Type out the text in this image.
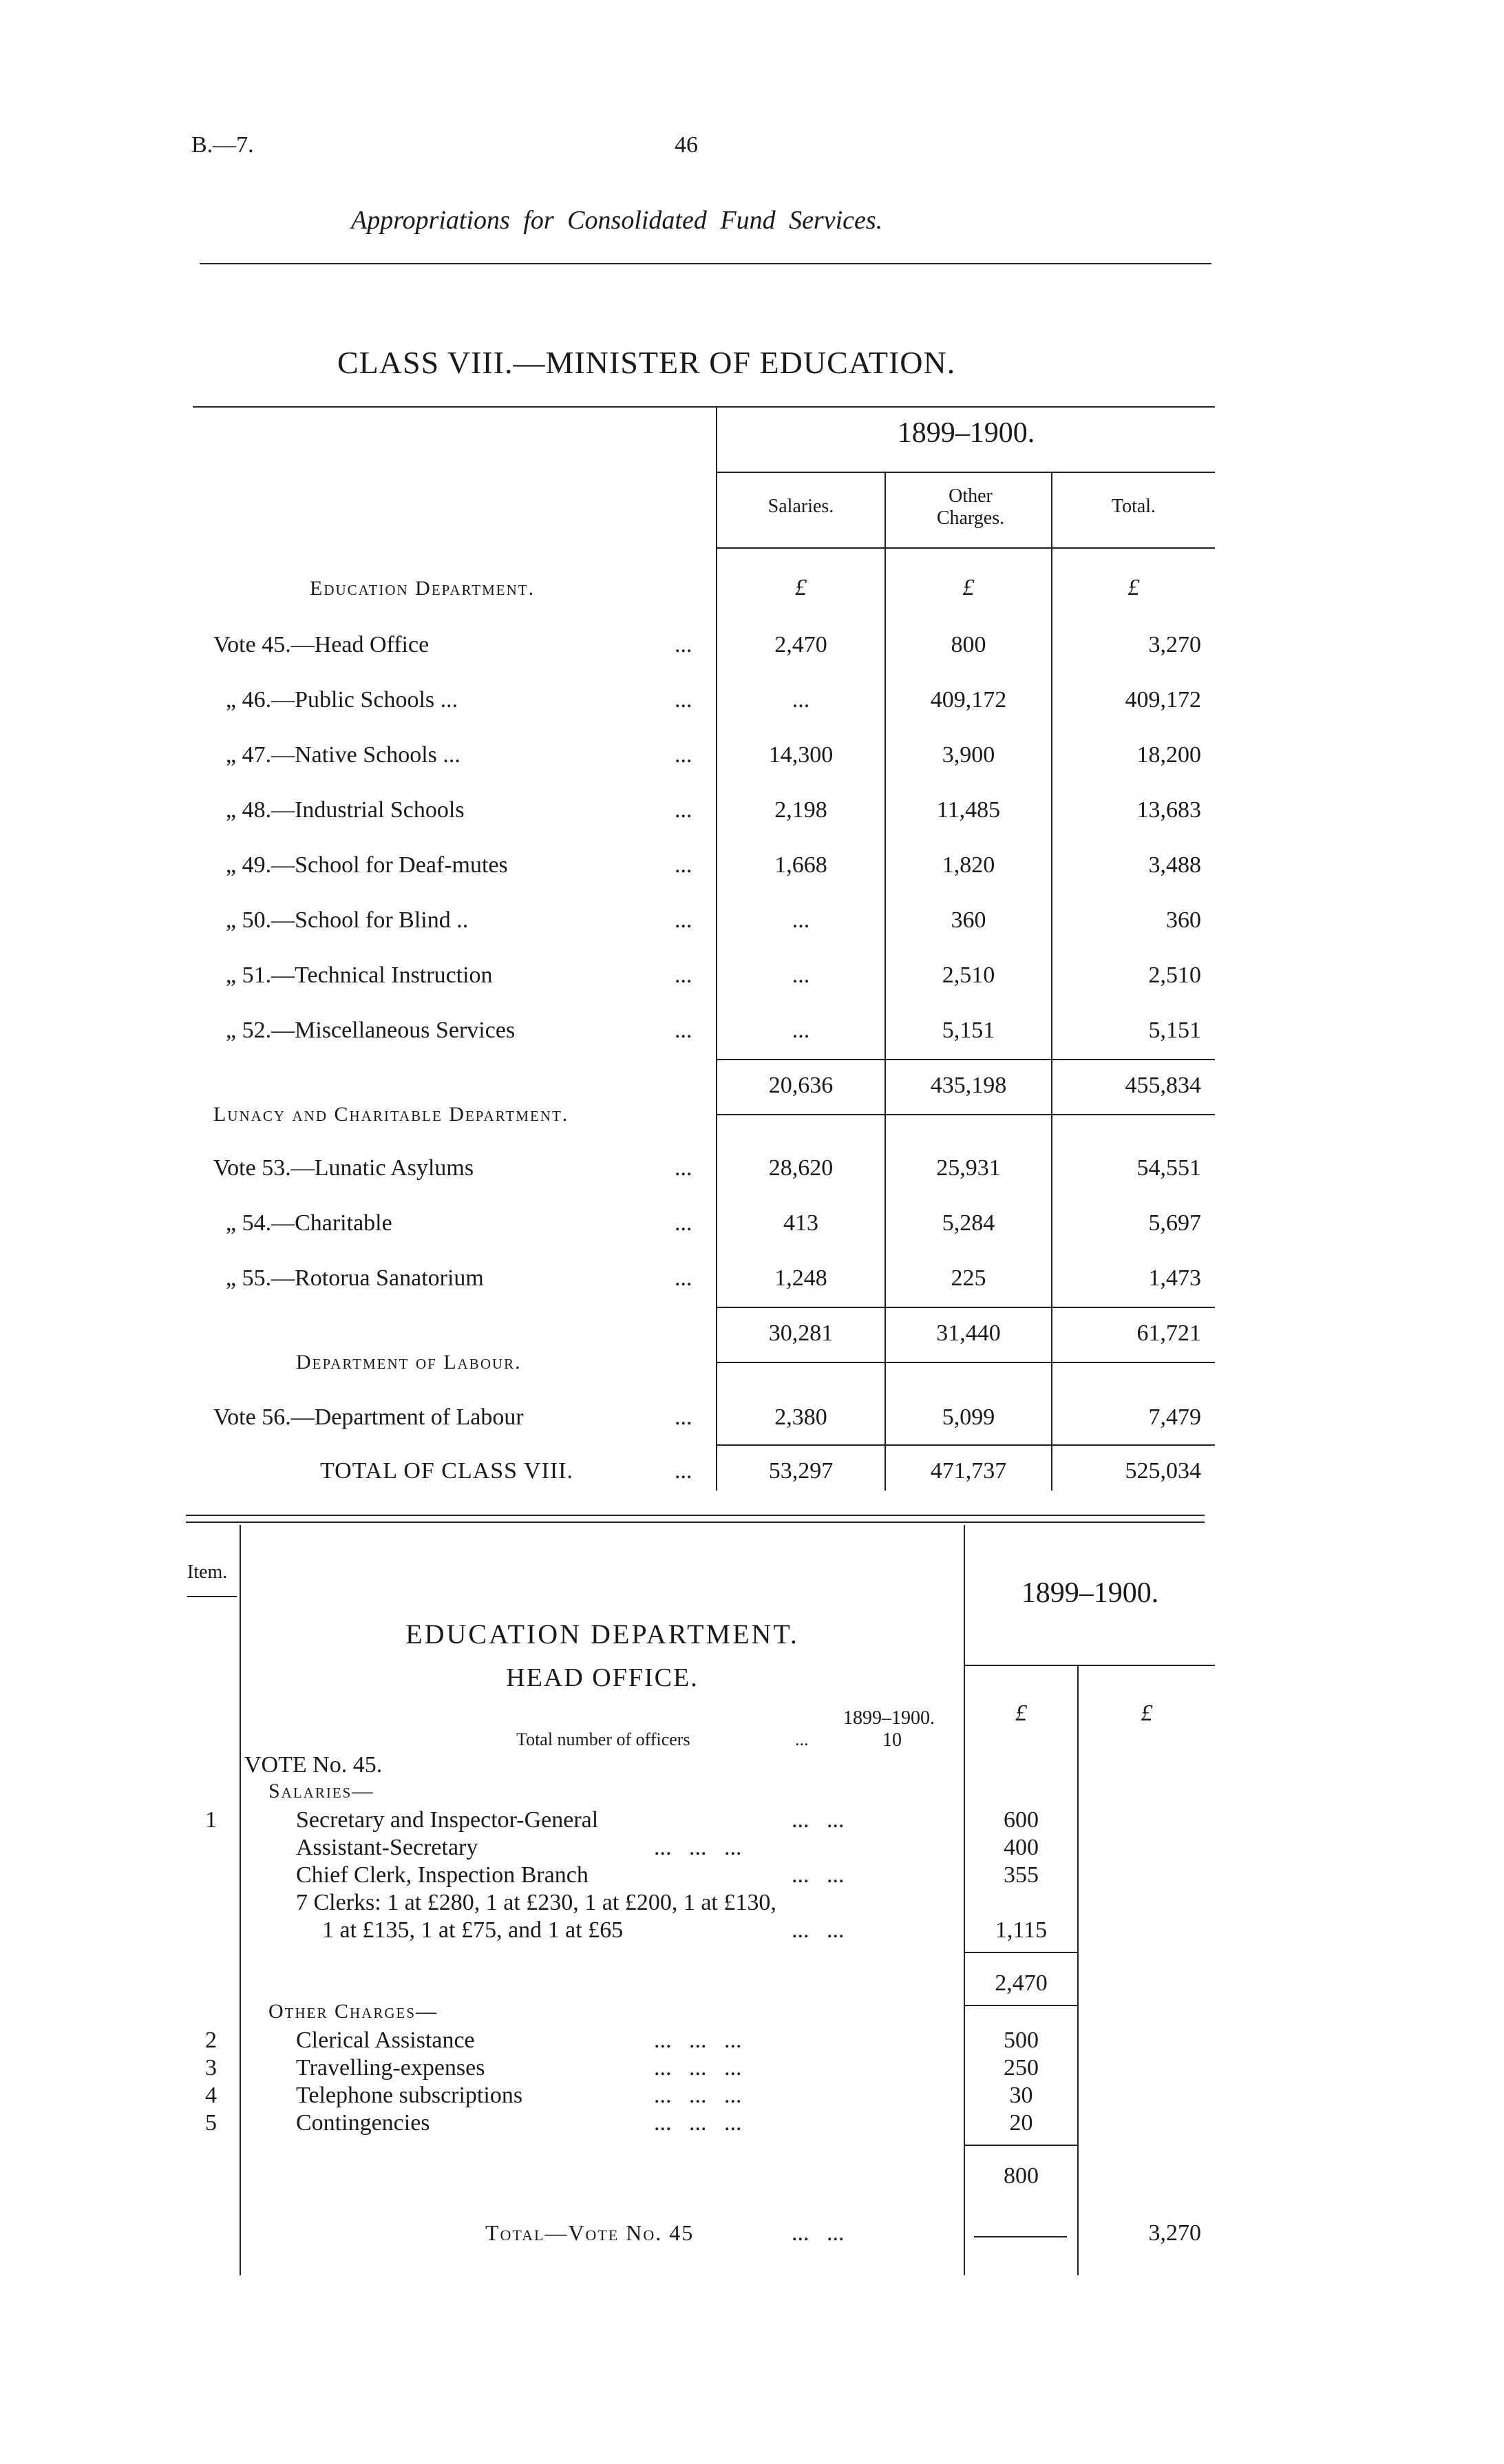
B.—7.	46
Appropriations for Consolidated Fund Services.
CLASS VIII.—MINISTER OF EDUCATION.
1899–1900.
Salaries.	Other Charges.
Total.
Education Department.	£	£	£
Vote 45.—Head Office	...	2,470	800	3,270
„ 46.—Public Schools ...	...	...	409,172	409,172
„ 47.—Native Schools ...	...	14,300	3,900	18,200
„ 48.—Industrial Schools	...	2,198	11,485	13,683
„ 49.—School for Deaf-mutes	...	1,668	1,820	3,488
„ 50.—School for Blind ..	...	...	360	360
„ 51.—Technical Instruction	...	...	2,510	2,510
„ 52.—Miscellaneous Services	...	...	5,151	5,151
20,636	435,198	455,834
Lunacy and Charitable Department.
Vote 53.—Lunatic Asylums	...	28,620	25,931	54,551
„ 54.—Charitable	...	413	5,284	5,697
„ 55.—Rotorua Sanatorium	...	1,248	225	1,473
30,281	31,440	61,721
Department of Labour.
Vote 56.—Department of Labour	...	2,380	5,099	7,479
TOTAL OF CLASS VIII.	...	53,297	471,737	525,034
Item.
1899–1900.
EDUCATION DEPARTMENT.
HEAD OFFICE.
1899–1900.
Total number of officers	...	10
£	£
VOTE No. 45.
Salaries—
1	Secretary and Inspector-General	...   ...	600
Assistant-Secretary	...   ...   ...	400
Chief Clerk, Inspection Branch	...   ...	355
7 Clerks: 1 at £280, 1 at £230, 1 at £200, 1 at £130,
1 at £135, 1 at £75, and 1 at £65	...   ...	1,115
2,470
Other Charges—
2	Clerical Assistance	...   ...   ...	500
3	Travelling-expenses	...   ...   ...	250
4	Telephone subscriptions	...   ...   ...	30
5	Contingencies	...   ...   ...	20
800
Total—Vote No. 45	...   ...	3,270
